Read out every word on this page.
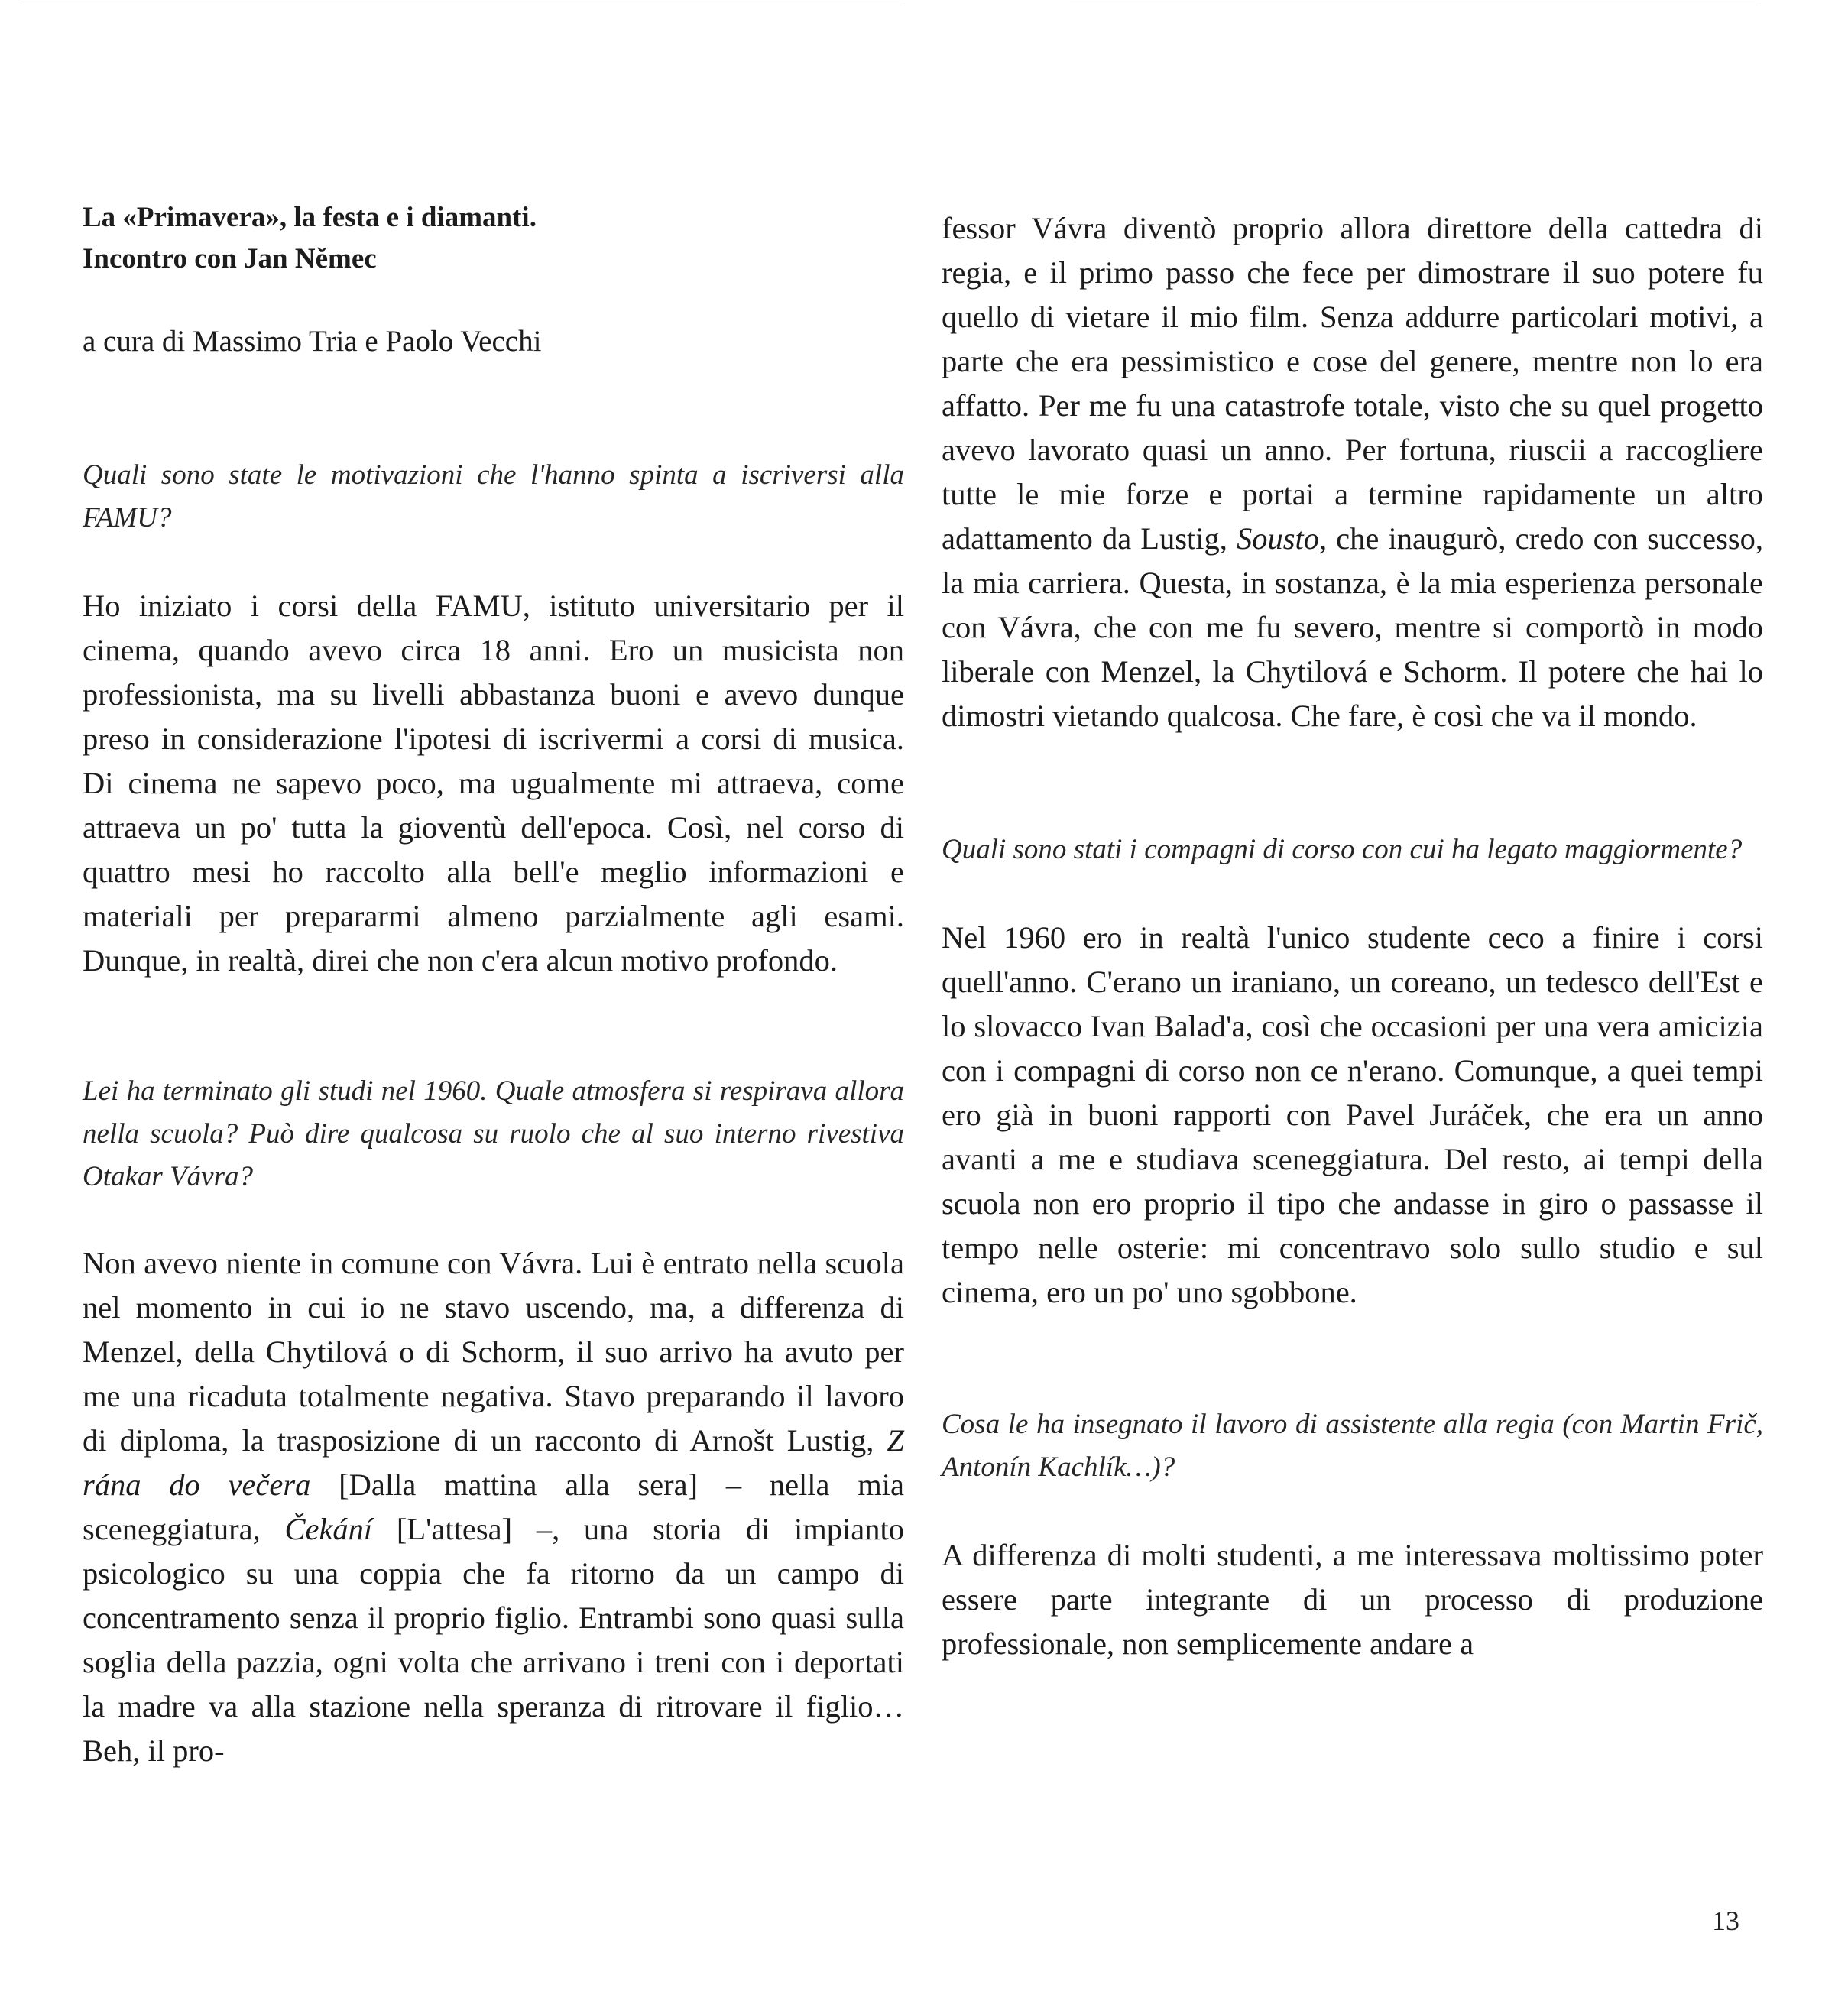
La «Primavera», la festa e i diamanti.
Incontro con Jan Němec

a cura di Massimo Tria e Paolo Vecchi

Quali sono state le motivazioni che l'hanno spinta a iscriversi alla FAMU?

Ho iniziato i corsi della FAMU, istituto universitario per il cinema, quando avevo circa 18 anni. Ero un musicista non professionista, ma su livelli abbastanza buoni e avevo dunque preso in considerazione l'ipotesi di iscrivermi a corsi di musica. Di cinema ne sapevo poco, ma ugualmente mi attraeva, come attraeva un po' tutta la gioventù dell'epoca. Così, nel corso di quattro mesi ho raccolto alla bell'e meglio informazioni e materiali per prepararmi almeno parzialmente agli esami. Dunque, in realtà, direi che non c'era alcun motivo profondo.

Lei ha terminato gli studi nel 1960. Quale atmosfera si respirava allora nella scuola? Può dire qualcosa su ruolo che al suo interno rivestiva Otakar Vávra?

Non avevo niente in comune con Vávra. Lui è entrato nella scuola nel momento in cui io ne stavo uscendo, ma, a differenza di Menzel, della Chytilová o di Schorm, il suo arrivo ha avuto per me una ricaduta totalmente negativa. Stavo preparando il lavoro di diploma, la trasposizione di un racconto di Arnošt Lustig, Z rána do večera [Dalla mattina alla sera] – nella mia sceneggiatura, Čekání [L'attesa] –, una storia di impianto psicologico su una coppia che fa ritorno da un campo di concentramento senza il proprio figlio. Entrambi sono quasi sulla soglia della pazzia, ogni volta che arrivano i treni con i deportati la madre va alla stazione nella speranza di ritrovare il figlio… Beh, il pro-

fessor Vávra diventò proprio allora direttore della cattedra di regia, e il primo passo che fece per dimostrare il suo potere fu quello di vietare il mio film. Senza addurre particolari motivi, a parte che era pessimistico e cose del genere, mentre non lo era affatto. Per me fu una catastrofe totale, visto che su quel progetto avevo lavorato quasi un anno. Per fortuna, riuscii a raccogliere tutte le mie forze e portai a termine rapidamente un altro adattamento da Lustig, Sousto, che inaugurò, credo con successo, la mia carriera. Questa, in sostanza, è la mia esperienza personale con Vávra, che con me fu severo, mentre si comportò in modo liberale con Menzel, la Chytilová e Schorm. Il potere che hai lo dimostri vietando qualcosa. Che fare, è così che va il mondo.

Quali sono stati i compagni di corso con cui ha legato maggiormente?

Nel 1960 ero in realtà l'unico studente ceco a finire i corsi quell'anno. C'erano un iraniano, un coreano, un tedesco dell'Est e lo slovacco Ivan Balad'a, così che occasioni per una vera amicizia con i compagni di corso non ce n'erano. Comunque, a quei tempi ero già in buoni rapporti con Pavel Juráček, che era un anno avanti a me e studiava sceneggiatura. Del resto, ai tempi della scuola non ero proprio il tipo che andasse in giro o passasse il tempo nelle osterie: mi concentravo solo sullo studio e sul cinema, ero un po' uno sgobbone.

Cosa le ha insegnato il lavoro di assistente alla regia (con Martin Frič, Antonín Kachlík…)?

A differenza di molti studenti, a me interessava moltissimo poter essere parte integrante di un processo di produzione professionale, non semplicemente andare a

13
